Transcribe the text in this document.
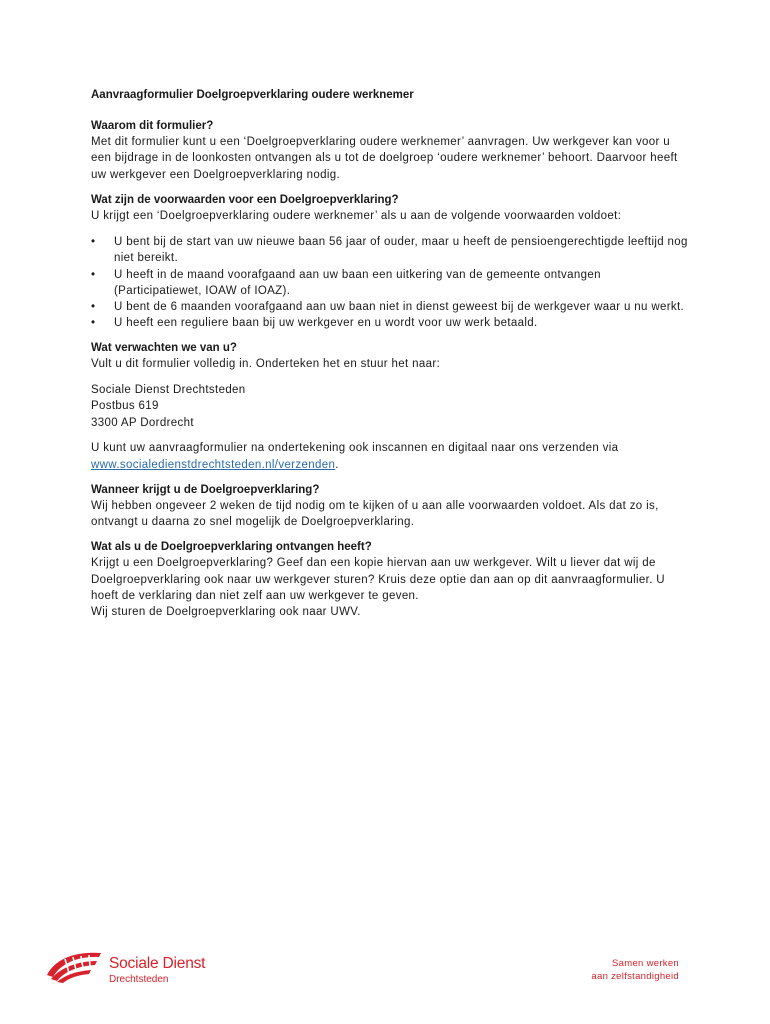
Aanvraagformulier Doelgroepverklaring oudere werknemer

Waarom dit formulier?

Met dit formulier kunt u een ‘Doelgroepverklaring oudere werknemer’ aanvragen. Uw werkgever kan voor u een bijdrage in de loonkosten ontvangen als u tot de doelgroep ‘oudere werknemer’ behoort. Daarvoor heeft uw werkgever een Doelgroepverklaring nodig.

Wat zijn de voorwaarden voor een Doelgroepverklaring?

U krijgt een ‘Doelgroepverklaring oudere werknemer’ als u aan de volgende voorwaarden voldoet:

• U bent bij de start van uw nieuwe baan 56 jaar of ouder, maar u heeft de pensioengerechtigde leeftijd nog niet bereikt.
• U heeft in de maand voorafgaand aan uw baan een uitkering van de gemeente ontvangen (Participatiewet, IOAW of IOAZ).
• U bent de 6 maanden voorafgaand aan uw baan niet in dienst geweest bij de werkgever waar u nu werkt.
• U heeft een reguliere baan bij uw werkgever en u wordt voor uw werk betaald.

Wat verwachten we van u?

Vult u dit formulier volledig in. Onderteken het en stuur het naar:

Sociale Dienst Drechtsteden

Postbus 619

3300 AP Dordrecht

U kunt uw aanvraagformulier na ondertekening ook inscannen en digitaal naar ons verzenden via
www.socialedienstdrechtsteden.nl/verzenden.

Wanneer krijgt u de Doelgroepverklaring?

Wij hebben ongeveer 2 weken de tijd nodig om te kijken of u aan alle voorwaarden voldoet. Als dat zo is, ontvangt u daarna zo snel mogelijk de Doelgroepverklaring.

Wat als u de Doelgroepverklaring ontvangen heeft?

Krijgt u een Doelgroepverklaring? Geef dan een kopie hiervan aan uw werkgever. Wilt u liever dat wij de Doelgroepverklaring ook naar uw werkgever sturen? Kruis deze optie dan aan op dit aanvraagformulier. U hoeft de verklaring dan niet zelf aan uw werkgever te geven.

Wij sturen de Doelgroepverklaring ook naar UWV.

Sociale Dienst
Drechtsteden
Samen werken
aan zelfstandigheid
